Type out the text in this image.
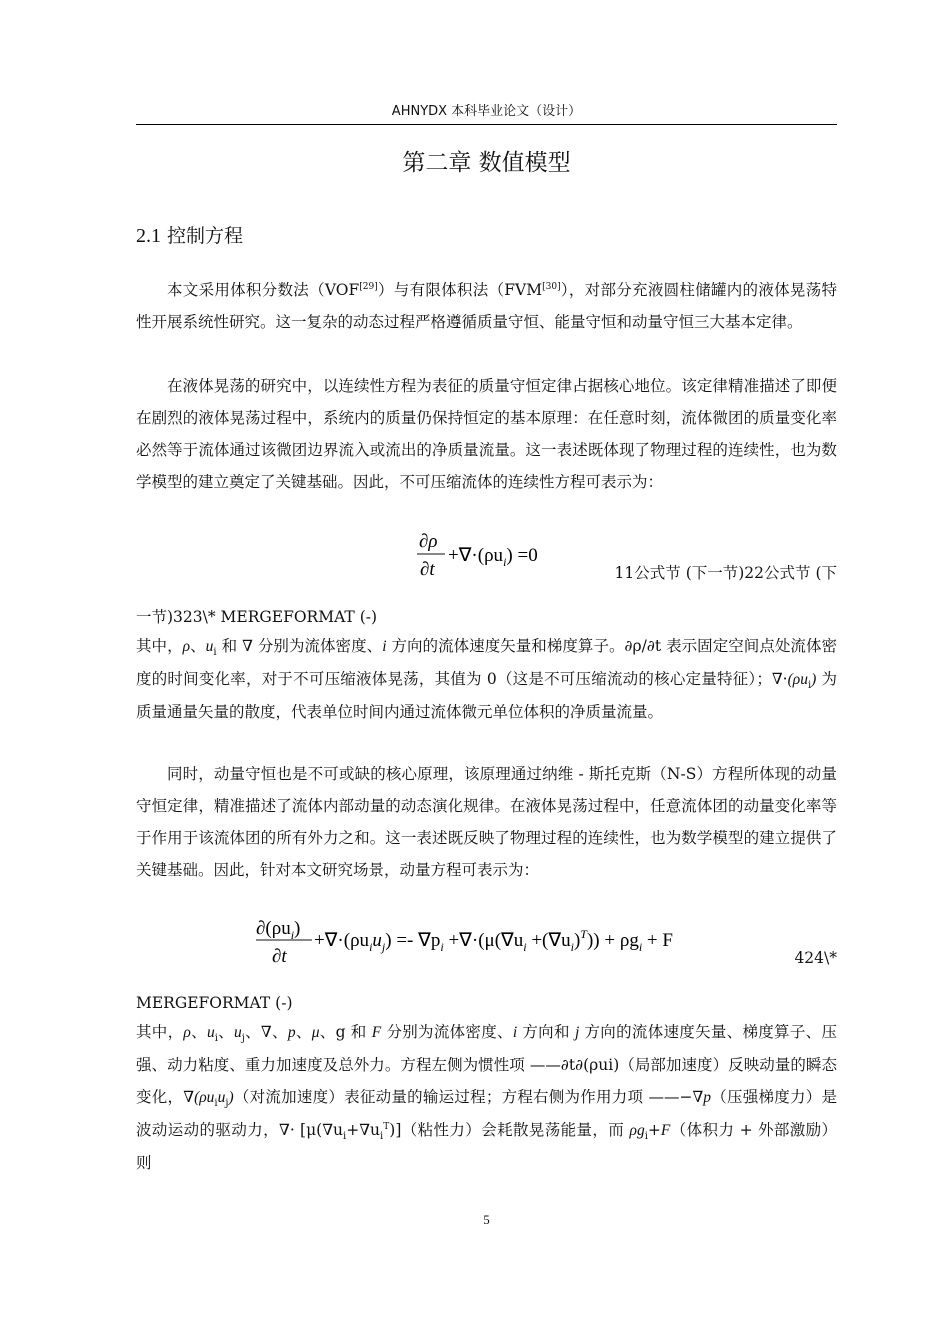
AHNYDX 本科毕业论文（设计）
第二章 数值模型
2.1 控制方程

本文采用体积分数法（VOF[29]）与有限体积法（FVM[30]），对部分充液圆柱储罐内的液体晃荡特性开展系统性研究。这一复杂的动态过程严格遵循质量守恒、能量守恒和动量守恒三大基本定律。

在液体晃荡的研究中，以连续性方程为表征的质量守恒定律占据核心地位。该定律精准描述了即便在剧烈的液体晃荡过程中，系统内的质量仍保持恒定的基本原理：在任意时刻，流体微团的质量变化率必然等于流体通过该微团边界流入或流出的净质量流量。这一表述既体现了物理过程的连续性，也为数学模型的建立奠定了关键基础。因此，不可压缩流体的连续性方程可表示为：

∂ρ
∂t
$+\nabla\cdot(\rho u_i) =0$
11公式节 (下一节)22公式节 (下
一节)323\* MERGEFORMAT (-)

其中，ρ、$u_i$ 和 ∇ 分别为流体密度、i 方向的流体速度矢量和梯度算子。∂ρ/∂t 表示固定空间点处流体密度的时间变化率，对于不可压缩液体晃荡，其值为 0（这是不可压缩流动的核心定量特征）；$\nabla\cdot(\rho u_i)$ 为质量通量矢量的散度，代表单位时间内通过流体微元单位体积的净质量流量。

同时，动量守恒也是不可或缺的核心原理，该原理通过纳维 - 斯托克斯（N-S）方程所体现的动量守恒定律，精准描述了流体内部动量的动态演化规律。在液体晃荡过程中，任意流体团的动量变化率等于作用于该流体团的所有外力之和。这一表述既反映了物理过程的连续性，也为数学模型的建立提供了关键基础。因此，针对本文研究场景，动量方程可表示为：

$\partial(\rho u_i)$
∂t
$+\nabla\cdot(\rho u_iu_j) =- \nabla p_i +\nabla\cdot(\mu(\nabla u_i +(\nabla u_i)^T)) + \rho g_i + F$
424\*
MERGEFORMAT (-)

其中，ρ、$u_i$、$u_j$、∇、p、μ、g 和 F 分别为流体密度、i 方向和 j 方向的流体速度矢量、梯度算子、压强、动力粘度、重力加速度及总外力。方程左侧为惯性项 ——∂t∂(ρui)（局部加速度）反映动量的瞬态变化，$\nabla(\rho u_iu_j)$（对流加速度）表征动量的输运过程；方程右侧为作用力项 ——−∇p（压强梯度力）是波动运动的驱动力，∇· $[\mu(\nabla u_i+\nabla u_i^T)]$（粘性力）会耗散晃荡能量，而 $\rho g_i+F$（体积力 + 外部激励）则

5
